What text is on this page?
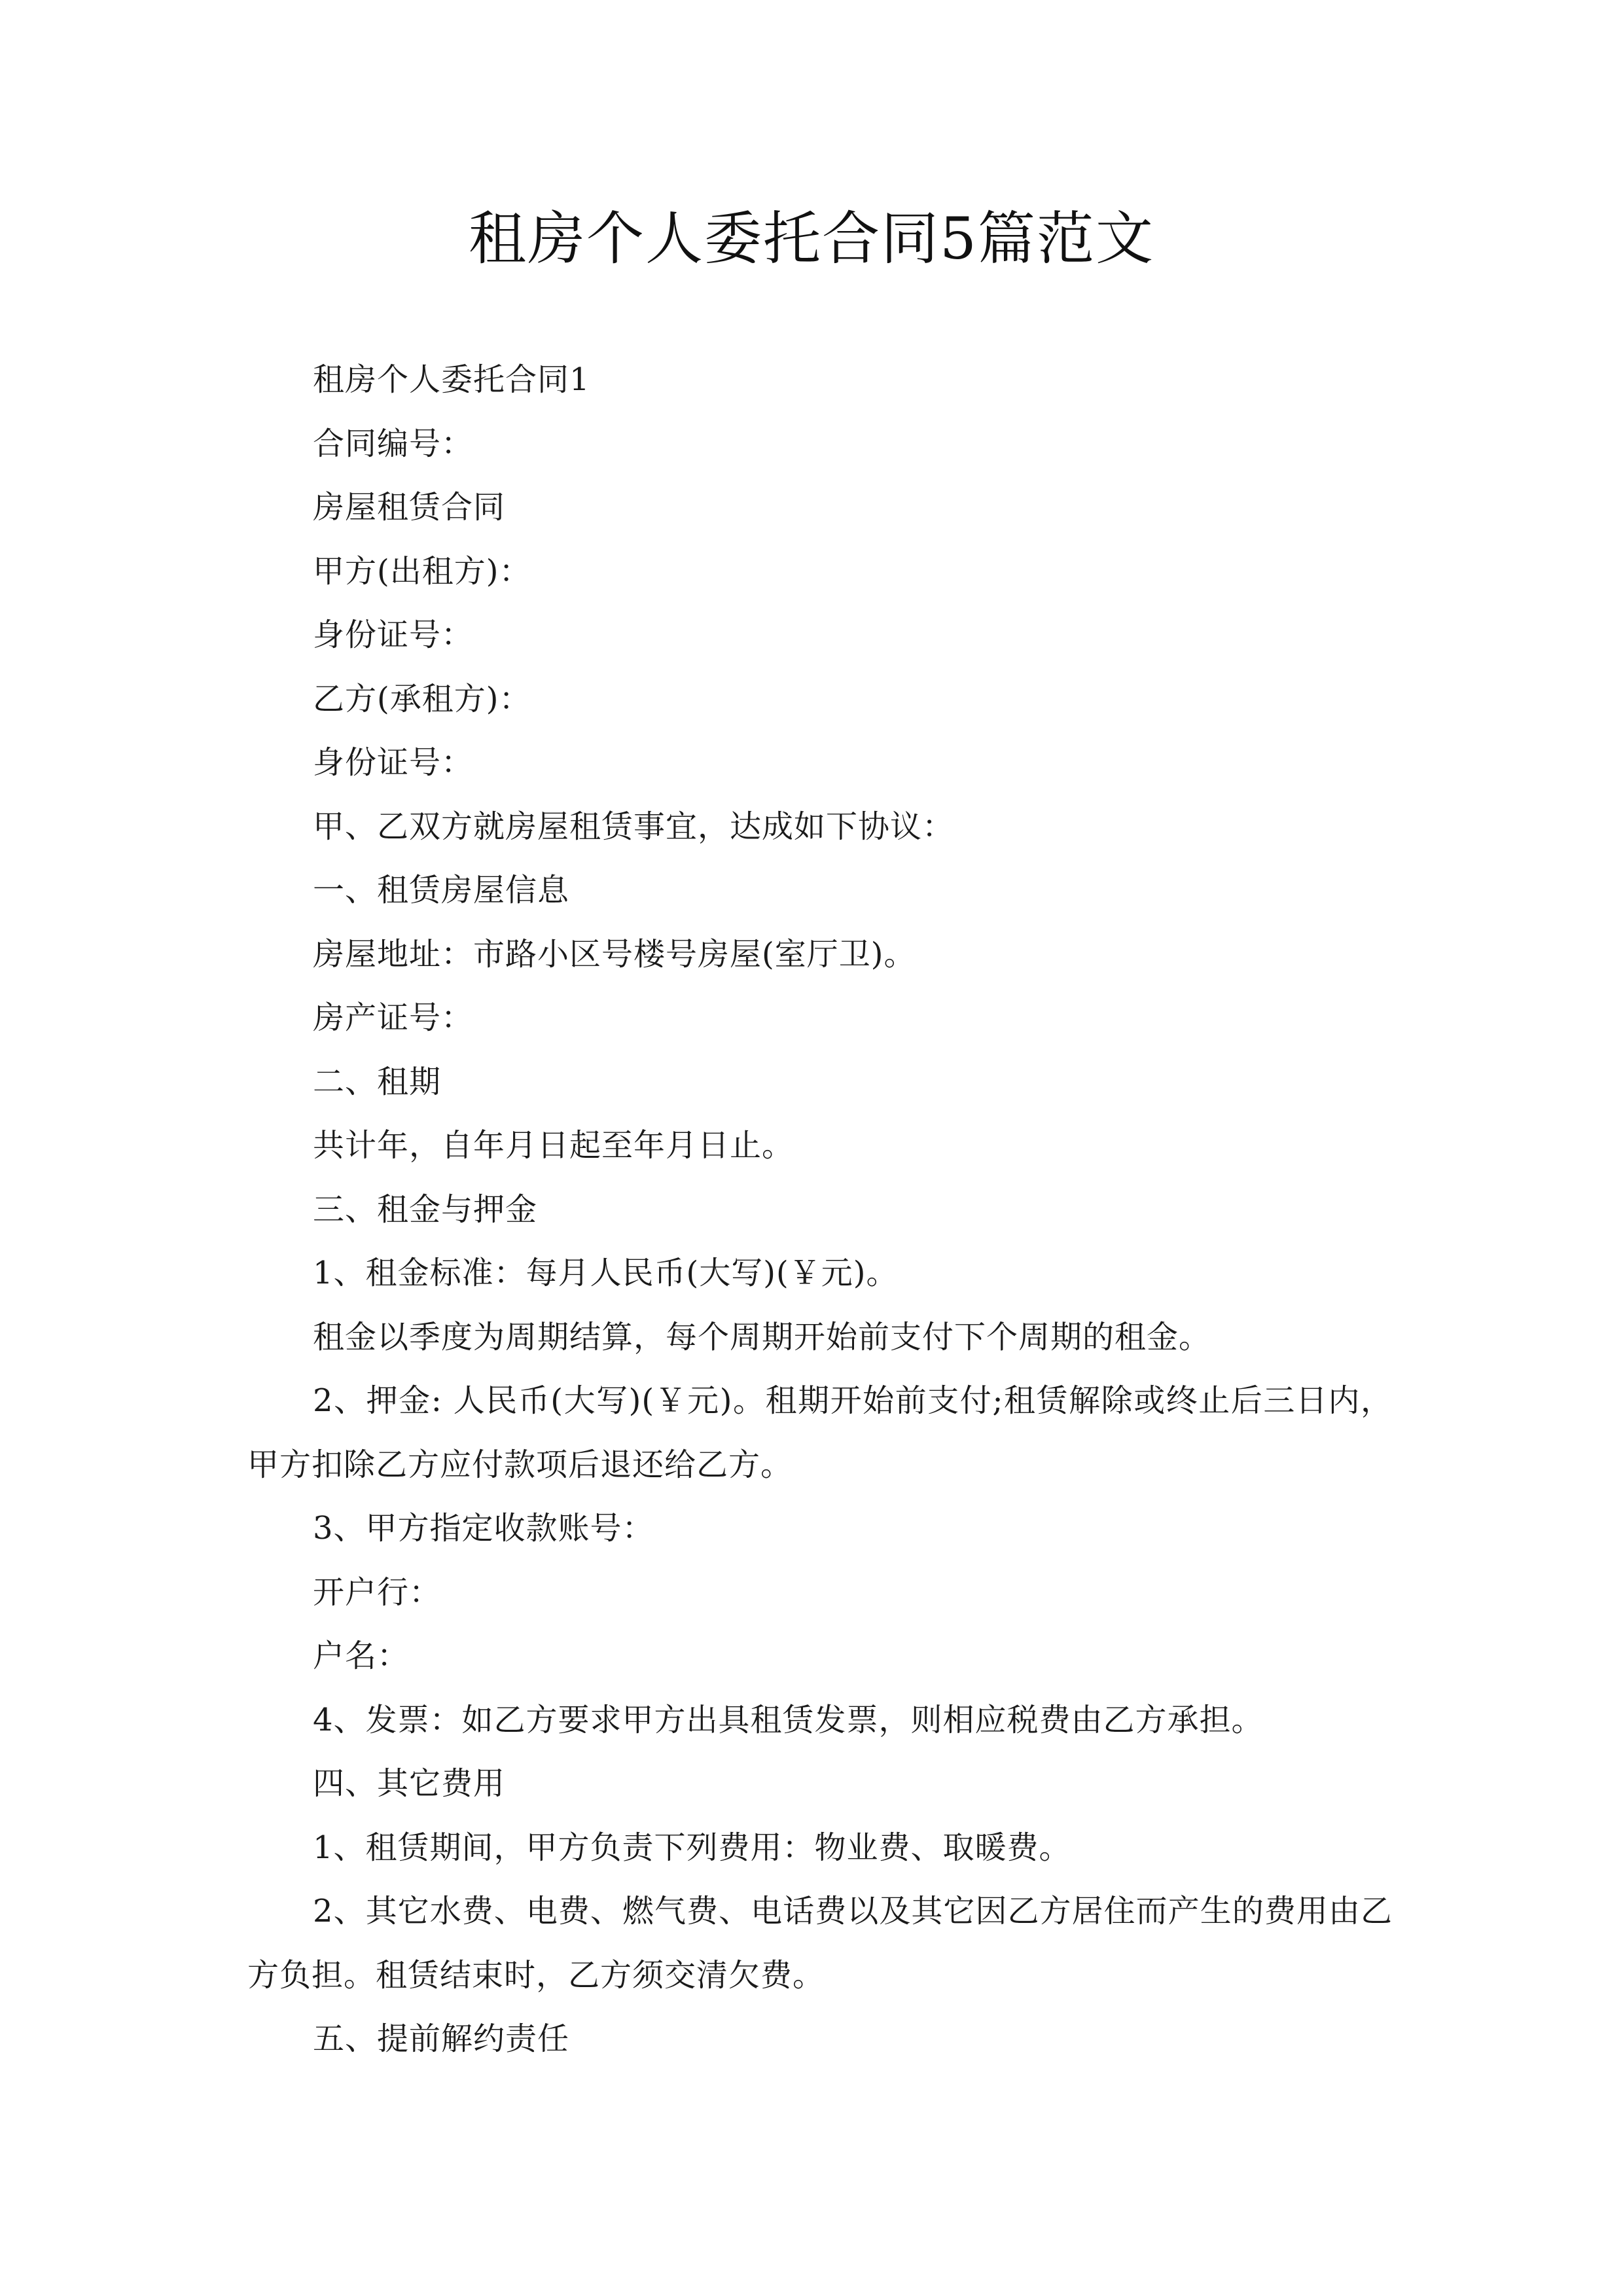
租房个人委托合同5篇范文

租房个人委托合同1

合同编号：

房屋租赁合同

甲方(出租方)：

身份证号：

乙方(承租方)：

身份证号：

甲、乙双方就房屋租赁事宜，达成如下协议：

一、租赁房屋信息

房屋地址：市路小区号楼号房屋(室厅卫)。

房产证号：

二、租期

共计年，自年月日起至年月日止。

三、租金与押金

1、租金标准：每月人民币(大写)(￥元)。

租金以季度为周期结算，每个周期开始前支付下个周期的租金。

2、押金: 人民币(大写)(￥元)。租期开始前支付;租赁解除或终止后三日内，甲方扣除乙方应付款项后退还给乙方。

3、甲方指定收款账号：

开户行：

户名：

4、发票：如乙方要求甲方出具租赁发票，则相应税费由乙方承担。

四、其它费用

1、租赁期间，甲方负责下列费用：物业费、取暖费。

2、其它水费、电费、燃气费、电话费以及其它因乙方居住而产生的费用由乙方负担。租赁结束时，乙方须交清欠费。

五、提前解约责任
